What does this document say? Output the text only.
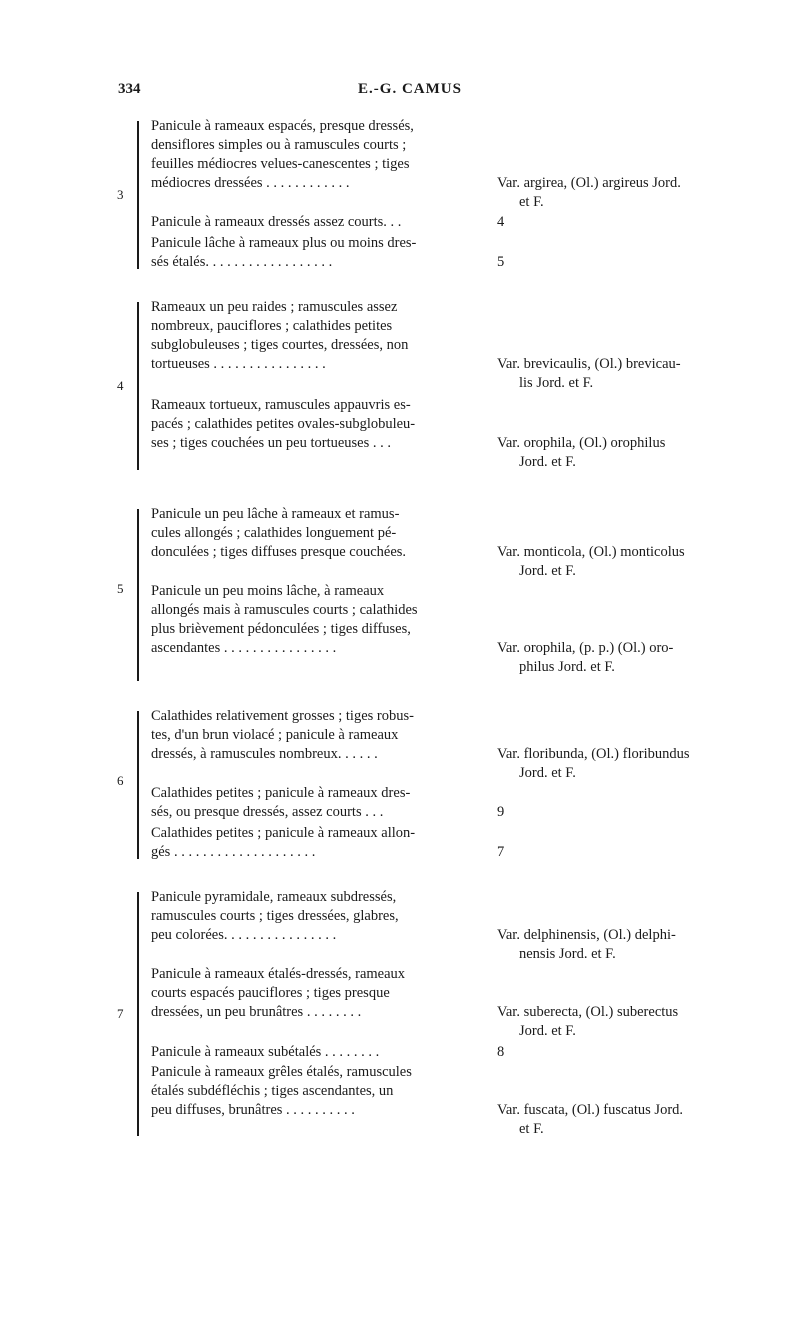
334	E.-G. CAMUS
3
Panicule à rameaux espacés, presque dressés,
densiflores simples ou à ramuscules courts ;
feuilles médiocres velues-canescentes ; tiges
médiocres dressées . . . . . . . . . . . .	Var. argirea, (Ol.) argireus Jord.
et F.
Panicule à rameaux dressés assez courts. . .	4
Panicule lâche à rameaux plus ou moins dres-
sés étalés. . . . . . . . . . . . . . . . . .	5
4
Rameaux un peu raides ; ramuscules assez
nombreux, pauciflores ; calathides petites
subglobuleuses ; tiges courtes, dressées, non
tortueuses . . . . . . . . . . . . . . . .	Var. brevicaulis, (Ol.) brevicau-
lis Jord. et F.
Rameaux tortueux, ramuscules appauvris es-
pacés ; calathides petites ovales-subglobuleu-
ses ; tiges couchées un peu tortueuses . . .	Var. orophila, (Ol.) orophilus
Jord. et F.
5
Panicule un peu lâche à rameaux et ramus-
cules allongés ; calathides longuement pé-
donculées ; tiges diffuses presque couchées.	Var. monticola, (Ol.) monticolus
Jord. et F.
Panicule un peu moins lâche, à rameaux
allongés mais à ramuscules courts ; calathides
plus brièvement pédonculées ; tiges diffuses,
ascendantes . . . . . . . . . . . . . . . .	Var. orophila, (p. p.) (Ol.) oro-
philus Jord. et F.
6
Calathides relativement grosses ; tiges robus-
tes, d'un brun violacé ; panicule à rameaux
dressés, à ramuscules nombreux. . . . . .	Var. floribunda, (Ol.) floribundus
Jord. et F.
Calathides petites ; panicule à rameaux dres-
sés, ou presque dressés, assez courts . . .	9
Calathides petites ; panicule à rameaux allon-
gés . . . . . . . . . . . . . . . . . . . .	7
7
Panicule pyramidale, rameaux subdressés,
ramuscules courts ; tiges dressées, glabres,
peu colorées. . . . . . . . . . . . . . . .	Var. delphinensis, (Ol.) delphi-
nensis Jord. et F.
Panicule à rameaux étalés-dressés, rameaux
courts espacés pauciflores ; tiges presque
dressées, un peu brunâtres . . . . . . . .	Var. suberecta, (Ol.) suberectus
Jord. et F.
Panicule à rameaux subétalés . . . . . . . .	8
Panicule à rameaux grêles étalés, ramuscules
étalés subdéfléchis ; tiges ascendantes, un
peu diffuses, brunâtres . . . . . . . . . .	Var. fuscata, (Ol.) fuscatus Jord.
et F.
